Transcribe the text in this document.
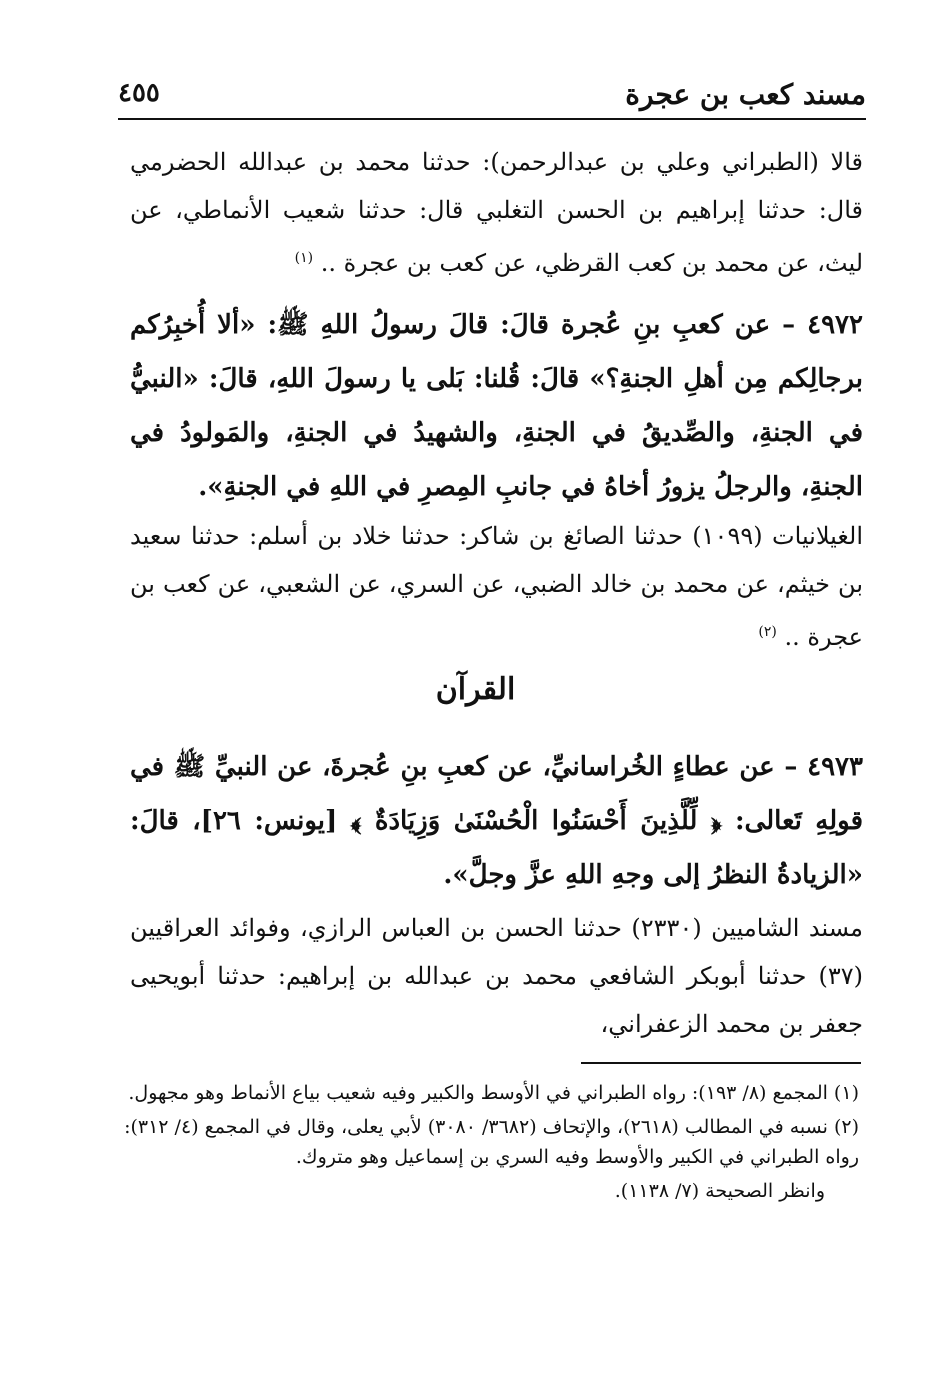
مسند كعب بن عجرة
٤٥٥
قالا (الطبراني وعلي بن عبدالرحمن): حدثنا محمد بن عبدالله الحضرمي قال: حدثنا إبراهيم بن الحسن التغلبي قال: حدثنا شعيب الأنماطي، عن ليث، عن محمد بن كعب القرظي، عن كعب بن عجرة .. $^{(١)}$
٤٩٧٢ – عن كعبِ بنِ عُجرة قالَ: قالَ رسولُ اللهِ ﷺ: «ألا أُخبِرُكم برجالِكم مِن أهلِ الجنةِ؟» قالَ: قُلنا: بَلى يا رسولَ اللهِ، قالَ: «النبيُّ في الجنةِ، والصِّديقُ في الجنةِ، والشهيدُ في الجنةِ، والمَولودُ في الجنةِ، والرجلُ يزورُ أخاهُ في جانبِ المِصرِ في اللهِ في الجنةِ».
الغيلانيات (١٠٩٩) حدثنا الصائغ بن شاكر: حدثنا خلاد بن أسلم: حدثنا سعيد بن خيثم، عن محمد بن خالد الضبي، عن السري، عن الشعبي، عن كعب بن عجرة .. $^{(٢)}$
القرآن
٤٩٧٣ – عن عطاءٍ الخُراسانيِّ، عن كعبِ بنِ عُجرةَ، عن النبيِّ ﷺ في قولِهِ تَعالى: ﴿ لِّلَّذِينَ أَحْسَنُوا الْحُسْنَىٰ وَزِيَادَةٌ ﴾ [يونس: ٢٦]، قالَ: «الزيادةُ النظرُ إلى وجهِ اللهِ عزَّ وجلَّ».
مسند الشاميين (٢٣٣٠) حدثنا الحسن بن العباس الرازي، وفوائد العراقيين (٣٧) حدثنا أبوبكر الشافعي محمد بن عبدالله بن إبراهيم: حدثنا أبويحيى جعفر بن محمد الزعفراني،
(١) المجمع (٨/ ١٩٣): رواه الطبراني في الأوسط والكبير وفيه شعيب بياع الأنماط وهو مجهول.
(٢) نسبه في المطالب (٢٦١٨)، والإتحاف (٣٦٨٢/ ٣٠٨٠) لأبي يعلى، وقال في المجمع (٤/ ٣١٢): رواه الطبراني في الكبير والأوسط وفيه السري بن إسماعيل وهو متروك.
وانظر الصحيحة (٧/ ١١٣٨).
